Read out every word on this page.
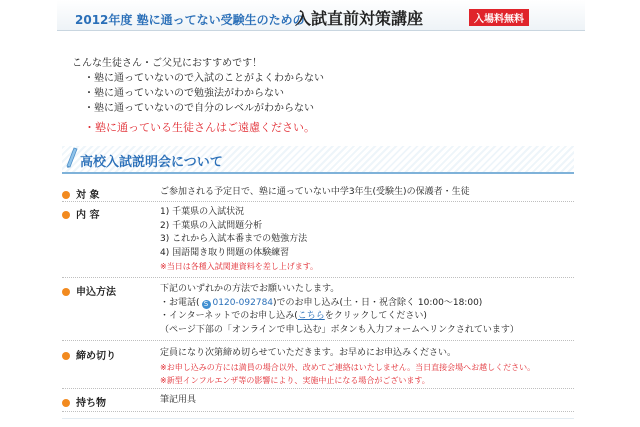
2012年度 塾に通ってない受験生のための
入試直前対策講座	入場料無料
こんな生徒さん・ご父兄におすすめです！
・塾に通っていないので入試のことがよくわからない
・塾に通っていないので勉強法がわからない
・塾に通っていないので自分のレベルがわからない
・塾に通っている生徒さんはご遠慮ください。
高校入試説明会について
対 象	ご参加される予定日で、塾に通っていない中学3年生(受験生)の保護者・生徒
内 容	1) 千葉県の入試状況
2) 千葉県の入試問題分析
3) これから入試本番までの勉強方法
4) 国語聞き取り問題の体験練習
※当日は各種入試関連資料を差し上げます。
申込方法	下記のいずれかの方法でお願いいたします。
・お電話( S 0120-092784)でのお申し込み(土・日・祝含除く 10:00～18:00)
・インターネットでのお申し込み(こちらをクリックしてください)
（ページ下部の「オンラインで申し込む」ボタンも入力フォームへリンクされています）
締め切り	定員になり次第締め切らせていただきます。お早めにお申込みください。
※お申し込みの方には満員の場合以外、改めてご連絡はいたしません。当日直接会場へお越しください。
※新型インフルエンザ等の影響により、実施中止になる場合がございます。
持ち物	筆記用具
